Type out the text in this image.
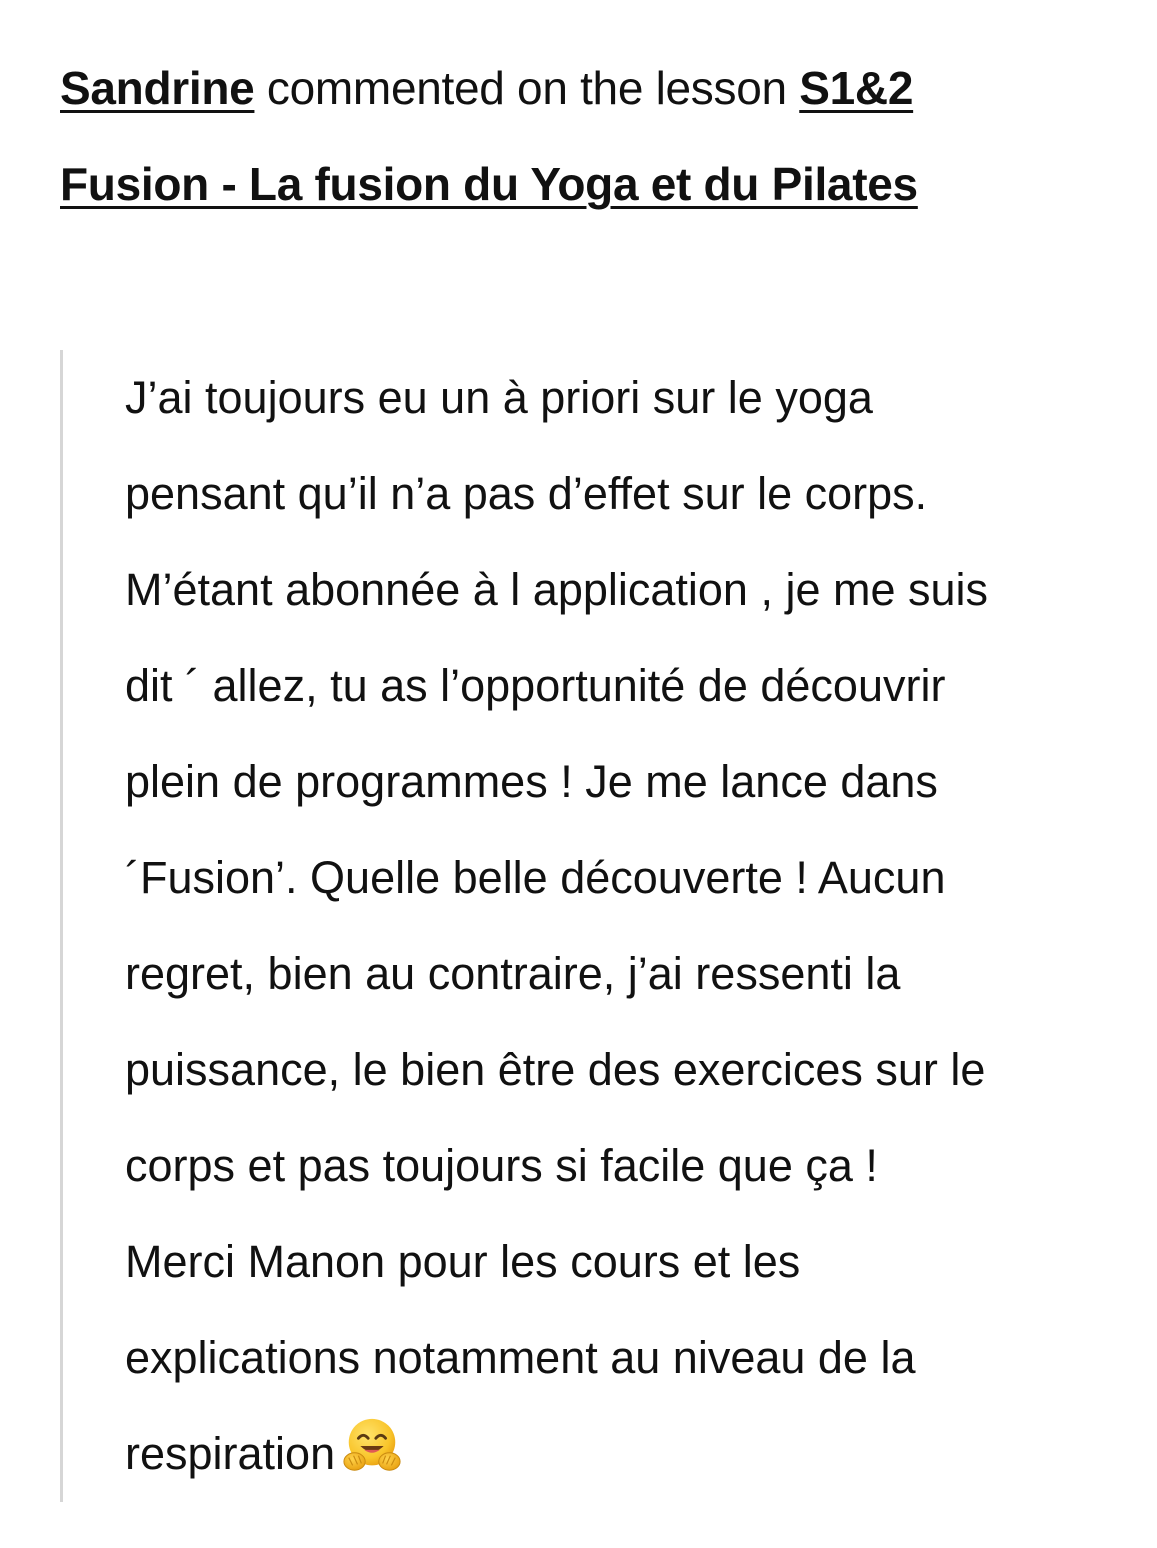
Sandrine commented on the lesson S1&2
Fusion - La fusion du Yoga et du Pilates
J’ai toujours eu un à priori sur le yoga
pensant qu’il n’a pas d’effet sur le corps.
M’étant abonnée à l application , je me suis
dit ´ allez, tu as l’opportunité de découvrir
plein de programmes ! Je me lance dans
´Fusion’. Quelle belle découverte ! Aucun
regret, bien au contraire, j’ai ressenti la
puissance, le bien être des exercices sur le
corps et pas toujours si facile que ça !
Merci Manon pour les cours et les
explications notamment au niveau de la
respiration
